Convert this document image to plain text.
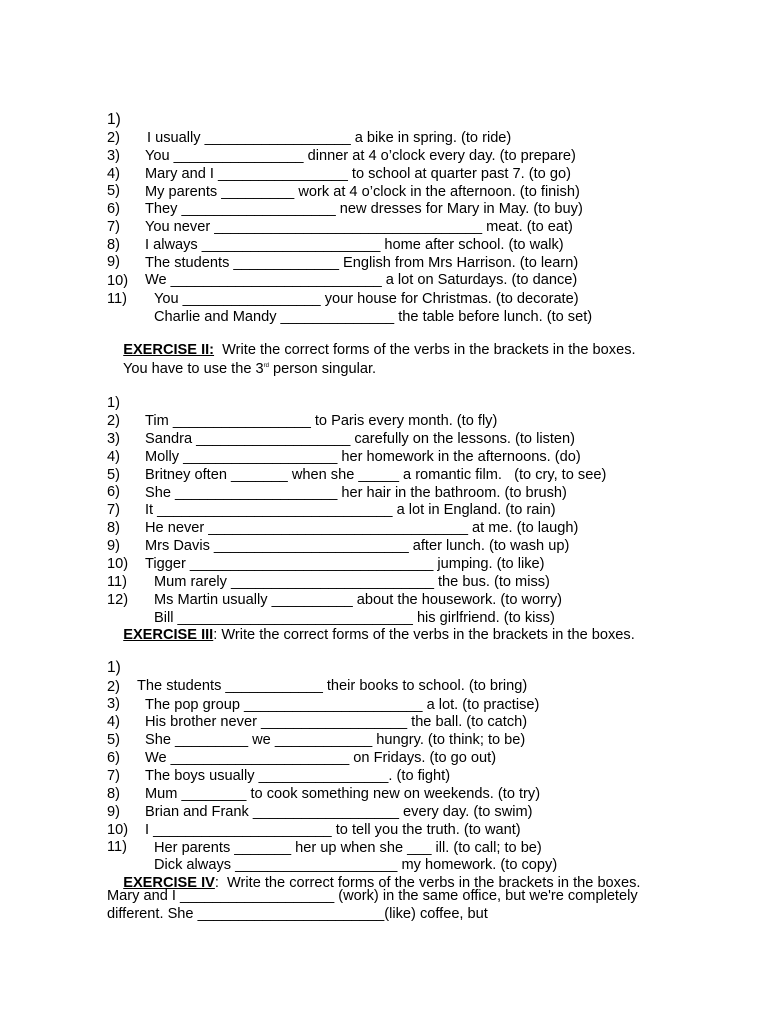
1)

I usually __________________ a bike in spring. (to ride)

2)

You ________________ dinner at 4 o’clock every day. (to prepare)

3)

Mary and I ________________ to school at quarter past 7. (to go)

4)

My parents _________ work at 4 o’clock in the afternoon. (to finish)

5)

They ___________________ new dresses for Mary in May. (to buy)

6)

You never _________________________________ meat. (to eat)

7)

I always ______________________ home after school. (to walk)

8)

The students _____________ English from Mrs Harrison. (to learn)

9)

We __________________________ a lot on Saturdays. (to dance)

10)

You _________________ your house for Christmas. (to decorate)

11)

Charlie and Mandy ______________ the table before lunch. (to set)

EXERCISE II:  Write the correct forms of the verbs in the brackets in the boxes.

You have to use the 3rd person singular.

1)

Tim _________________ to Paris every month. (to fly)

2)

Sandra ___________________ carefully on the lessons. (to listen)

3)

Molly ___________________ her homework in the afternoons. (do)

4)

Britney often _______ when she _____ a romantic film.   (to cry, to see)

5)

She ____________________ her hair in the bathroom. (to brush)

6)

It _____________________________ a lot in England. (to rain)

7)

He never ________________________________ at me. (to laugh)

8)

Mrs Davis ________________________ after lunch. (to wash up)

9)

Tigger ______________________________ jumping. (to like)

10)

Mum rarely _________________________ the bus. (to miss)

11)

Ms Martin usually __________ about the housework. (to worry)

12)

Bill _____________________________ his girlfriend. (to kiss)

EXERCISE III: Write the correct forms of the verbs in the brackets in the boxes.

1)

The students ____________ their books to school. (to bring)

2)

The pop group ______________________ a lot. (to practise)

3)

His brother never __________________ the ball. (to catch)

4)

She _________ we ____________ hungry. (to think; to be)

5)

We ______________________ on Fridays. (to go out)

6)

The boys usually ________________. (to fight)

7)

Mum ________ to cook something new on weekends. (to try)

8)

Brian and Frank __________________ every day. (to swim)

9)

I ______________________ to tell you the truth. (to want)

10)

Her parents _______ her up when she ___ ill. (to call; to be)

11)

Dick always ____________________ my homework. (to copy)

EXERCISE IV:  Write the correct forms of the verbs in the brackets in the boxes.

Mary and I ___________________ (work) in the same office, but we're completely
different. She _______________________(like) coffee, but
